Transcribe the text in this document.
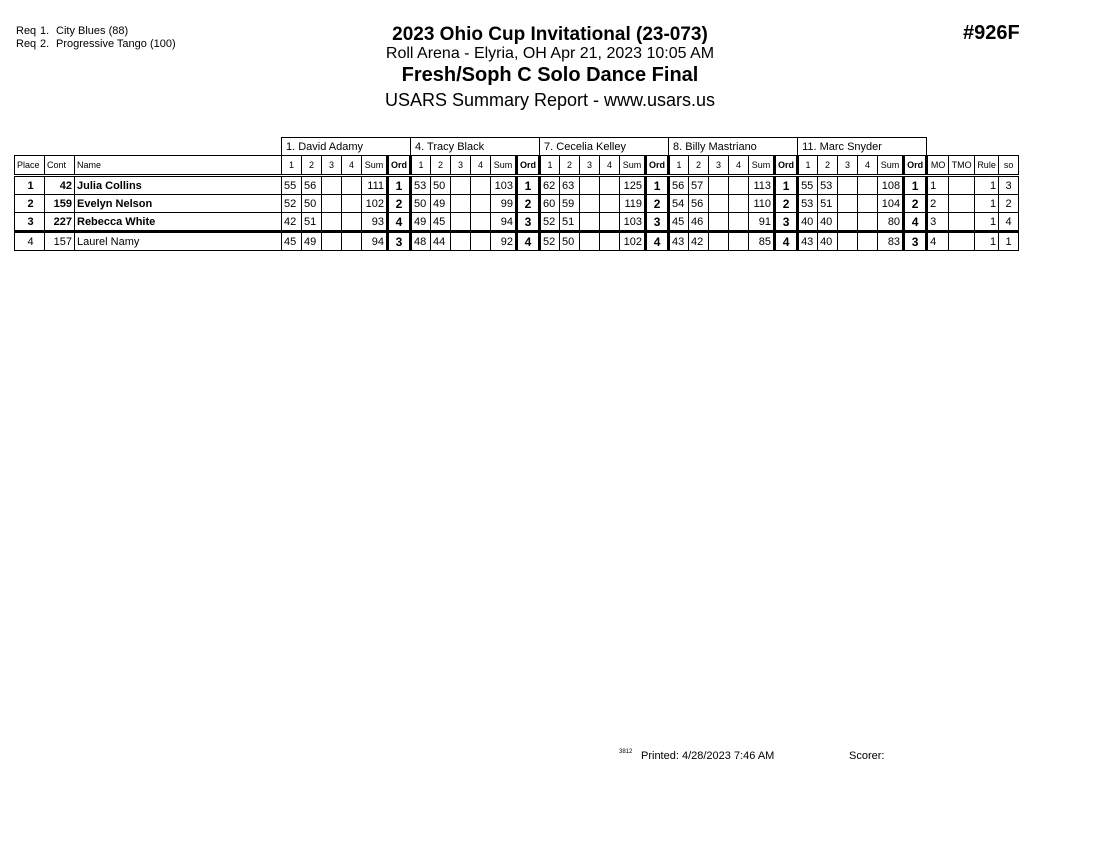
Req 1. City Blues (88)
Req 2. Progressive Tango (100)	2023 Ohio Cup Invitational (23-073)
Roll Arena - Elyria, OH Apr 21, 2023 10:05 AM
Fresh/Soph C Solo Dance Final
USARS Summary Report - www.usars.us
#926F
			1. David Adamy						4. Tracy Black						7. Cecelia Kelley						8. Billy Mastriano						11. Marc Snyder									
Place	Cont	Name	1	2	3	4	Sum	Ord	1	2	3	4	Sum	Ord	1	2	3	4	Sum	Ord	1	2	3	4	Sum	Ord	1	2	3	4	Sum	Ord	MO	TMO	Rule	so
1	42	Julia Collins	55	56			111	1	53	50			103	1	62	63			125	1	56	57			113	1	55	53			108	1	1		1	3
2	159	Evelyn Nelson	52	50			102	2	50	49			99	2	60	59			119	2	54	56			110	2	53	51			104	2	2		1	2
3	227	Rebecca White	42	51			93	4	49	45			94	3	52	51			103	3	45	46			91	3	40	40			80	4	3		1	4
4	157	Laurel Namy	45	49			94	3	48	44			92	4	52	50			102	4	43	42			85	4	43	40			83	3	4		1	1
3812 Printed: 4/28/2023 7:46 AM	Scorer:
